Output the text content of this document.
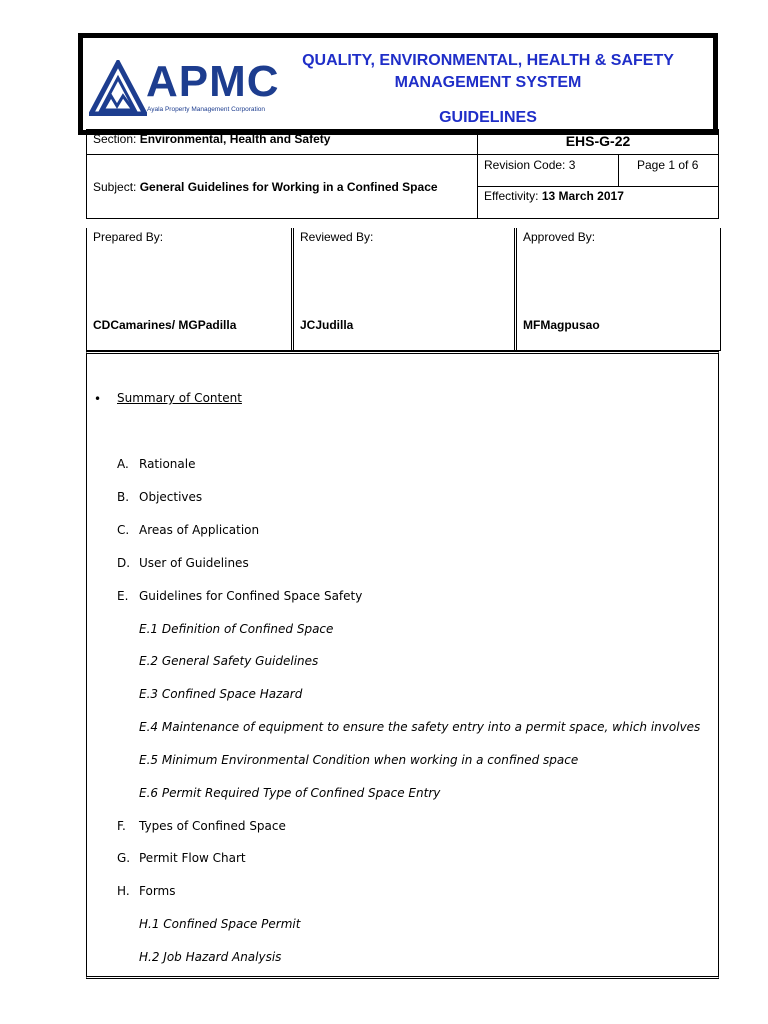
APMC
Ayala Property Management Corporation
QUALITY, ENVIRONMENTAL, HEALTH & SAFETY
MANAGEMENT SYSTEM
GUIDELINES
Section: Environmental, Health and Safety	EHS-G-22	

Subject: General Guidelines for Working in a Confined Space	Revision Code: 3	Page 1 of 6

	Effectivity: 13 March 2017	
Prepared By:
CDCamarines/ MGPadilla
Reviewed By:
JCJudilla
Approved By:
MFMagpusao
• Summary of Content
A. Rationale
B. Objectives
C. Areas of Application
D. User of Guidelines
E. Guidelines for Confined Space Safety
E.1 Definition of Confined Space
E.2 General Safety Guidelines
E.3 Confined Space Hazard
E.4 Maintenance of equipment to ensure the safety entry into a permit space, which involves
E.5 Minimum Environmental Condition when working in a confined space
E.6 Permit Required Type of Confined Space Entry
F.	Types of Confined Space
G. Permit Flow Chart
H. Forms
H.1 Confined Space Permit
H.2 Job Hazard Analysis
